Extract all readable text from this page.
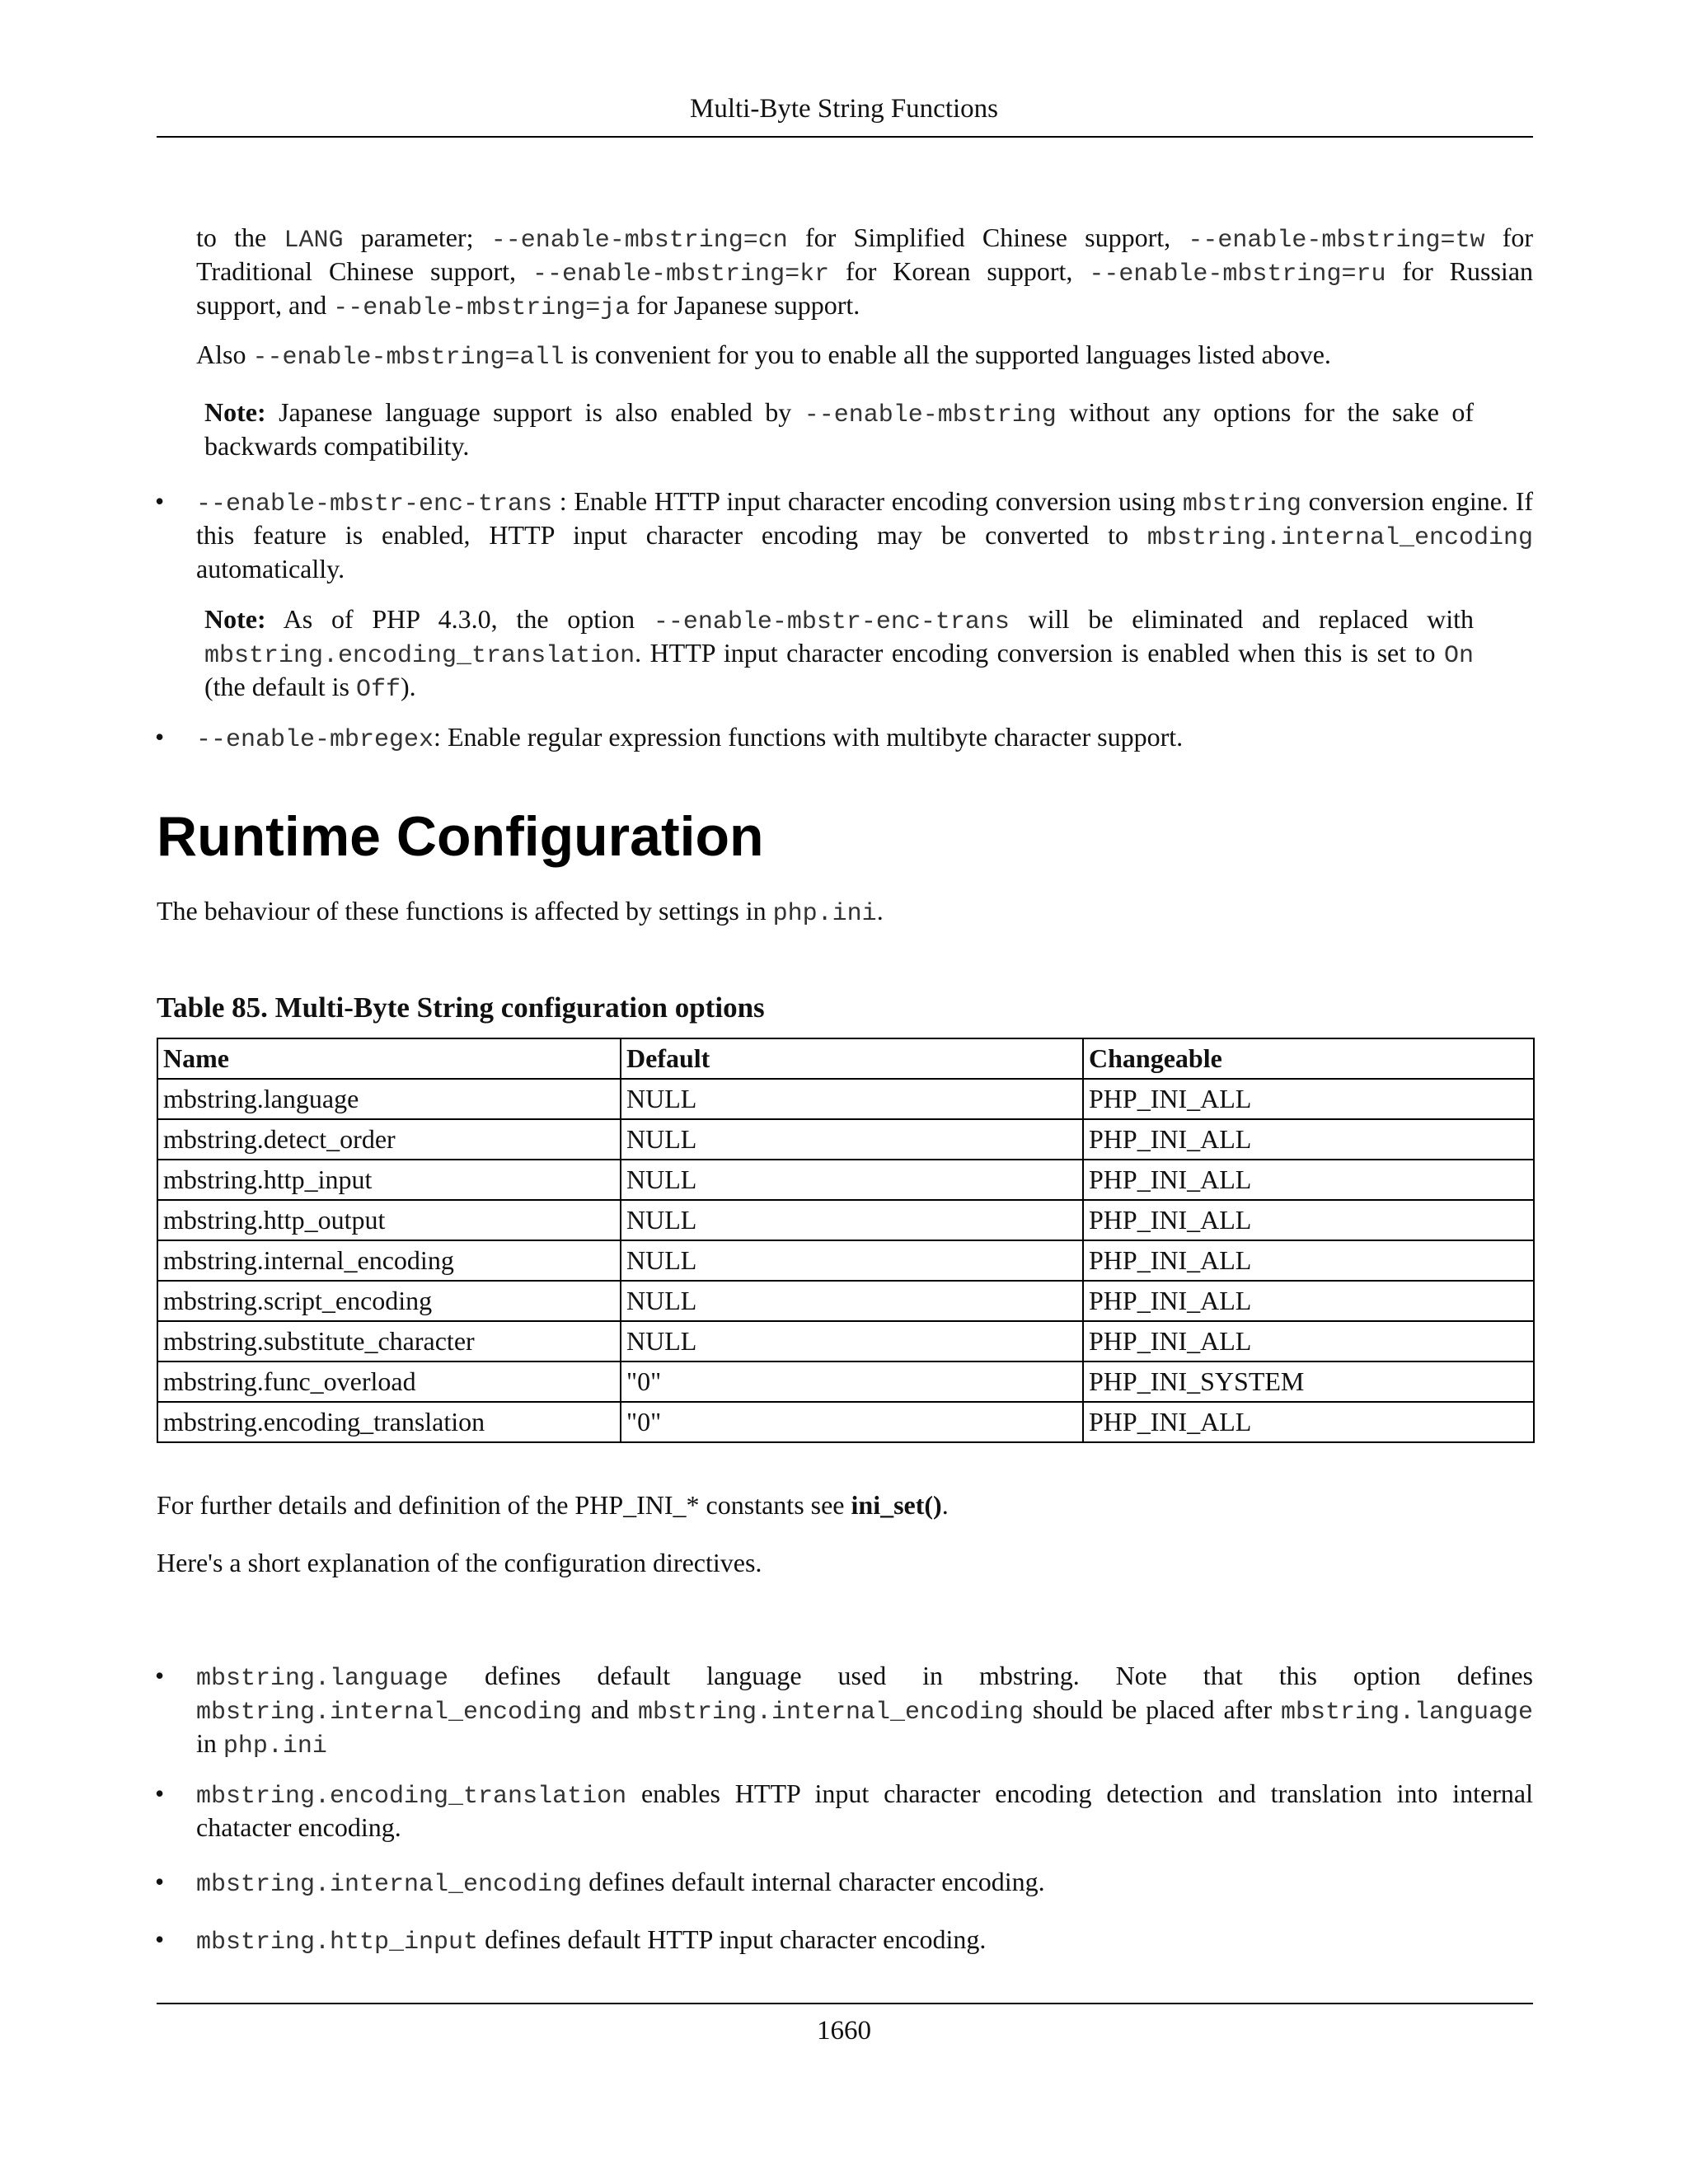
Multi-Byte String Functions

to the LANG parameter; --enable-mbstring=cn for Simplified Chinese support, --enable-mbstring=tw for Traditional Chinese support, --enable-mbstring=kr for Korean support, --enable-mbstring=ru for Russian support, and --enable-mbstring=ja for Japanese support.

Also --enable-mbstring=all is convenient for you to enable all the supported languages listed above.

Note: Japanese language support is also enabled by --enable-mbstring without any options for the sake of backwards compatibility.

• --enable-mbstr-enc-trans : Enable HTTP input character encoding conversion using mbstring conversion engine. If this feature is enabled, HTTP input character encoding may be converted to mbstring.internal_encoding automatically.

Note: As of PHP 4.3.0, the option --enable-mbstr-enc-trans will be eliminated and replaced with mbstring.encoding_translation. HTTP input character encoding conversion is enabled when this is set to On (the default is Off).

• --enable-mbregex: Enable regular expression functions with multibyte character support.

Runtime Configuration

The behaviour of these functions is affected by settings in php.ini.

Table 85. Multi-Byte String configuration options

Name	Default	Changeable
mbstring.language	NULL	PHP_INI_ALL
mbstring.detect_order	NULL	PHP_INI_ALL
mbstring.http_input	NULL	PHP_INI_ALL
mbstring.http_output	NULL	PHP_INI_ALL
mbstring.internal_encoding	NULL	PHP_INI_ALL
mbstring.script_encoding	NULL	PHP_INI_ALL
mbstring.substitute_character	NULL	PHP_INI_ALL
mbstring.func_overload	"0"	PHP_INI_SYSTEM
mbstring.encoding_translation	"0"	PHP_INI_ALL

For further details and definition of the PHP_INI_* constants see ini_set().

Here's a short explanation of the configuration directives.

• mbstring.language defines default language used in mbstring. Note that this option defines mbstring.internal_encoding and mbstring.internal_encoding should be placed after mbstring.language in php.ini

• mbstring.encoding_translation enables HTTP input character encoding detection and translation into internal chatacter encoding.

• mbstring.internal_encoding defines default internal character encoding.

• mbstring.http_input defines default HTTP input character encoding.

1660
